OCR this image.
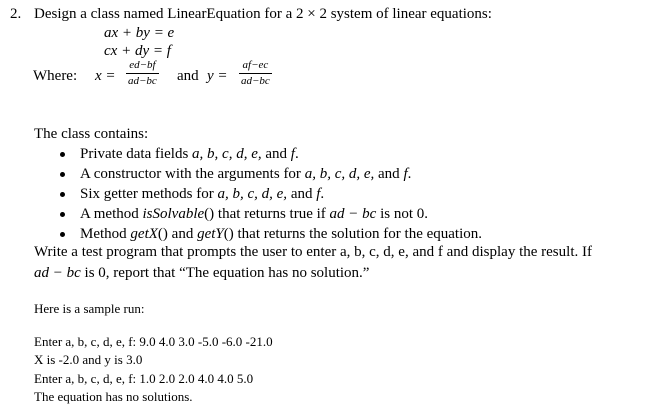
2. Design a class named LinearEquation for a 2 × 2 system of linear equations:
ax + by = e
cx + dy = f
Where: x =
ed−bf
ad−bc and y =
af−ec
ad−bc
The class contains:
Private data fields a, b, c, d, e, and f.
A constructor with the arguments for a, b, c, d, e, and f.
Six getter methods for a, b, c, d, e, and f.
A method isSolvable() that returns true if ad − bc is not 0.
Method getX() and getY() that returns the solution for the equation.
Write a test program that prompts the user to enter a, b, c, d, e, and f and display the result. If
ad − bc is 0, report that “The equation has no solution.”
Here is a sample run:
Enter a, b, c, d, e, f: 9.0 4.0 3.0 -5.0 -6.0 -21.0
X is -2.0 and y is 3.0
Enter a, b, c, d, e, f: 1.0 2.0 2.0 4.0 4.0 5.0
The equation has no solutions.
